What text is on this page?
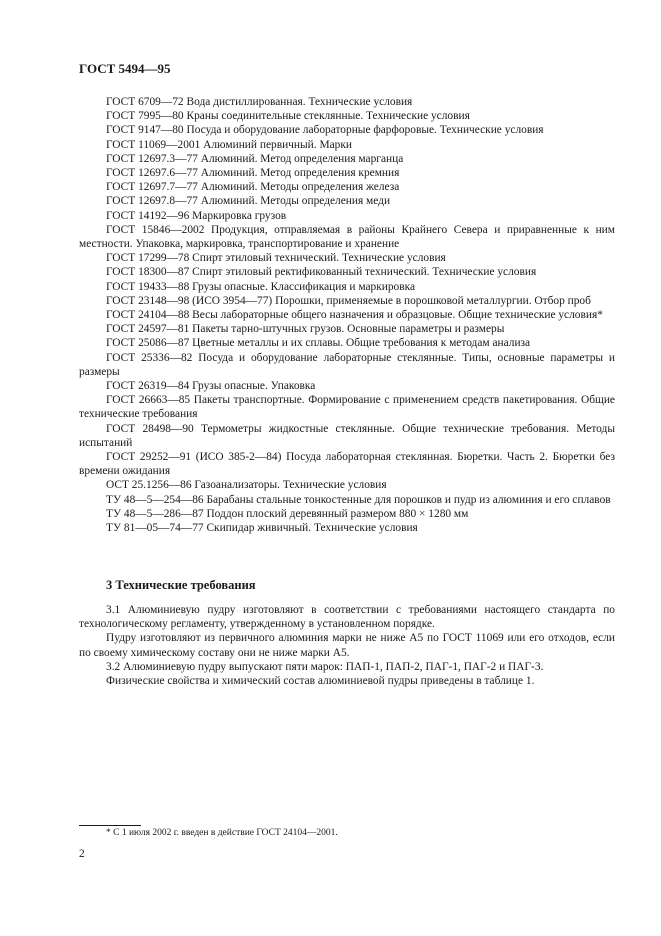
ГОСТ 5494—95
ГОСТ 6709—72 Вода дистиллированная. Технические условия
ГОСТ 7995—80 Краны соединительные стеклянные. Технические условия
ГОСТ 9147—80 Посуда и оборудование лабораторные фарфоровые. Технические условия
ГОСТ 11069—2001 Алюминий первичный. Марки
ГОСТ 12697.3—77 Алюминий. Метод определения марганца
ГОСТ 12697.6—77 Алюминий. Метод определения кремния
ГОСТ 12697.7—77 Алюминий. Методы определения железа
ГОСТ 12697.8—77 Алюминий. Методы определения меди
ГОСТ 14192—96 Маркировка грузов
ГОСТ 15846—2002 Продукция, отправляемая в районы Крайнего Севера и приравненные к ним местности. Упаковка, маркировка, транспортирование и хранение
ГОСТ 17299—78 Спирт этиловый технический. Технические условия
ГОСТ 18300—87 Спирт этиловый ректификованный технический. Технические условия
ГОСТ 19433—88 Грузы опасные. Классификация и маркировка
ГОСТ 23148—98 (ИСО 3954—77) Порошки, применяемые в порошковой металлургии. Отбор проб
ГОСТ 24104—88 Весы лабораторные общего назначения и образцовые. Общие технические условия*
ГОСТ 24597—81 Пакеты тарно-штучных грузов. Основные параметры и размеры
ГОСТ 25086—87 Цветные металлы и их сплавы. Общие требования к методам анализа
ГОСТ 25336—82 Посуда и оборудование лабораторные стеклянные. Типы, основные параметры и размеры
ГОСТ 26319—84 Грузы опасные. Упаковка
ГОСТ 26663—85 Пакеты транспортные. Формирование с применением средств пакетирования. Общие технические требования
ГОСТ 28498—90 Термометры жидкостные стеклянные. Общие технические требования. Методы испытаний
ГОСТ 29252—91 (ИСО 385-2—84) Посуда лабораторная стеклянная. Бюретки. Часть 2. Бюретки без времени ожидания
ОСТ 25.1256—86 Газоанализаторы. Технические условия
ТУ 48—5—254—86 Барабаны стальные тонкостенные для порошков и пудр из алюминия и его сплавов
ТУ 48—5—286—87 Поддон плоский деревянный размером 880 × 1280 мм
ТУ 81—05—74—77 Скипидар живичный. Технические условия
3 Технические требования

3.1 Алюминиевую пудру изготовляют в соответствии с требованиями настоящего стандарта по технологическому регламенту, утвержденному в установленном порядке.

Пудру изготовляют из первичного алюминия марки не ниже А5 по ГОСТ 11069 или его отходов, если по своему химическому составу они не ниже марки А5.

3.2 Алюминиевую пудру выпускают пяти марок: ПАП-1, ПАП-2, ПАГ-1, ПАГ-2 и ПАГ-3.

Физические свойства и химический состав алюминиевой пудры приведены в таблице 1.

* С 1 июля 2002 г. введен в действие ГОСТ 24104—2001.
2
